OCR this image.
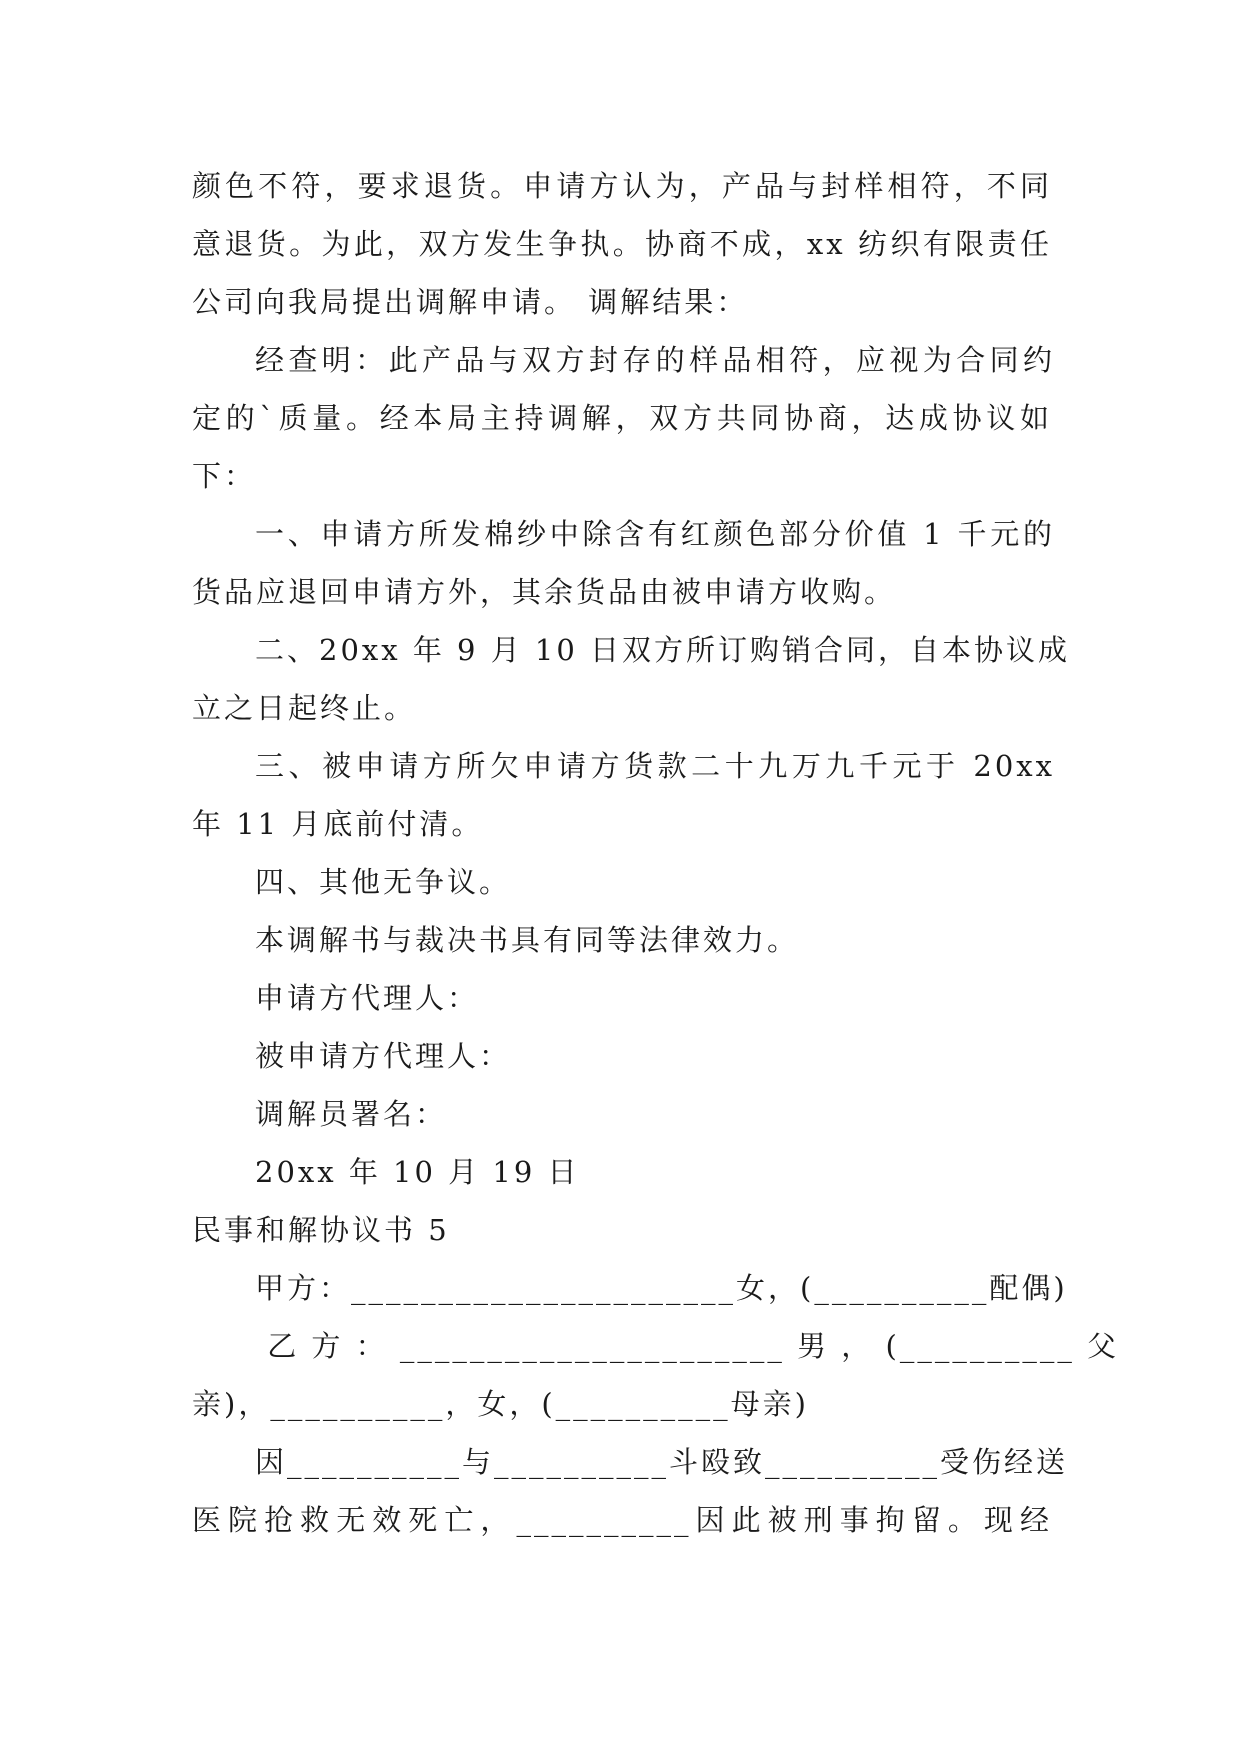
颜色不符，要求退货。申请方认为，产品与封样相符，不同

意退货。为此，双方发生争执。协商不成，xx 纺织有限责任

公司向我局提出调解申请。 调解结果：

经查明：此产品与双方封存的样品相符，应视为合同约

定的`质量。经本局主持调解，双方共同协商，达成协议如

下：

一、申请方所发棉纱中除含有红颜色部分价值 1 千元的

货品应退回申请方外，其余货品由被申请方收购。

二、20xx 年 9 月 10 日双方所订购销合同，自本协议成

立之日起终止。

三、被申请方所欠申请方货款二十九万九千元于 20xx

年 11 月底前付清。

四、其他无争议。

本调解书与裁决书具有同等法律效力。

申请方代理人：

被申请方代理人：

调解员署名：

20xx 年 10 月 19 日

民事和解协议书 5

甲方：______________________女，(__________配偶)

乙 方 ： ______________________ 男 ， (__________ 父

亲)，__________，女，(__________母亲)

因__________与__________斗殴致__________受伤经送

医院抢救无效死亡，__________因此被刑事拘留。现经
